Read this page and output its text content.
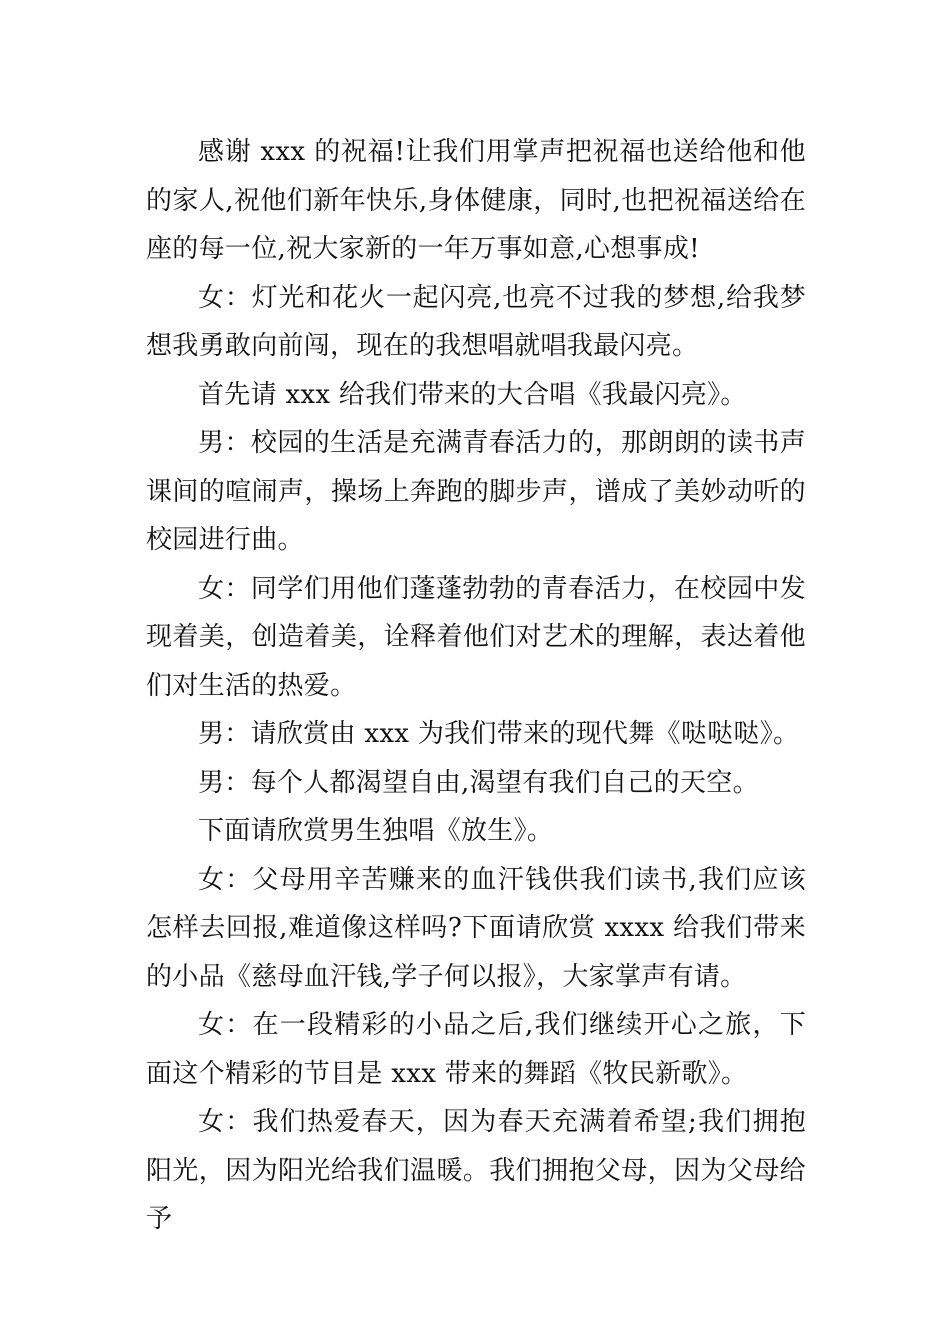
感谢 xxx 的祝福!让我们用掌声把祝福也送给他和他的家人,祝他们新年快乐,身体健康，同时,也把祝福送给在座的每一位,祝大家新的一年万事如意,心想事成!

女：灯光和花火一起闪亮,也亮不过我的梦想,给我梦想我勇敢向前闯，现在的我想唱就唱我最闪亮。

首先请 xxx 给我们带来的大合唱《我最闪亮》。

男：校园的生活是充满青春活力的，那朗朗的读书声课间的喧闹声，操场上奔跑的脚步声，谱成了美妙动听的校园进行曲。

女：同学们用他们蓬蓬勃勃的青春活力，在校园中发现着美，创造着美，诠释着他们对艺术的理解，表达着他们对生活的热爱。

男：请欣赏由 xxx 为我们带来的现代舞《哒哒哒》。

男：每个人都渴望自由,渴望有我们自己的天空。

下面请欣赏男生独唱《放生》。

女：父母用辛苦赚来的血汗钱供我们读书,我们应该怎样去回报,难道像这样吗?下面请欣赏 xxxx 给我们带来的小品《慈母血汗钱,学子何以报》，大家掌声有请。

女：在一段精彩的小品之后,我们继续开心之旅，下面这个精彩的节目是 xxx 带来的舞蹈《牧民新歌》。

女：我们热爱春天，因为春天充满着希望;我们拥抱阳光，因为阳光给我们温暖。我们拥抱父母，因为父母给予
